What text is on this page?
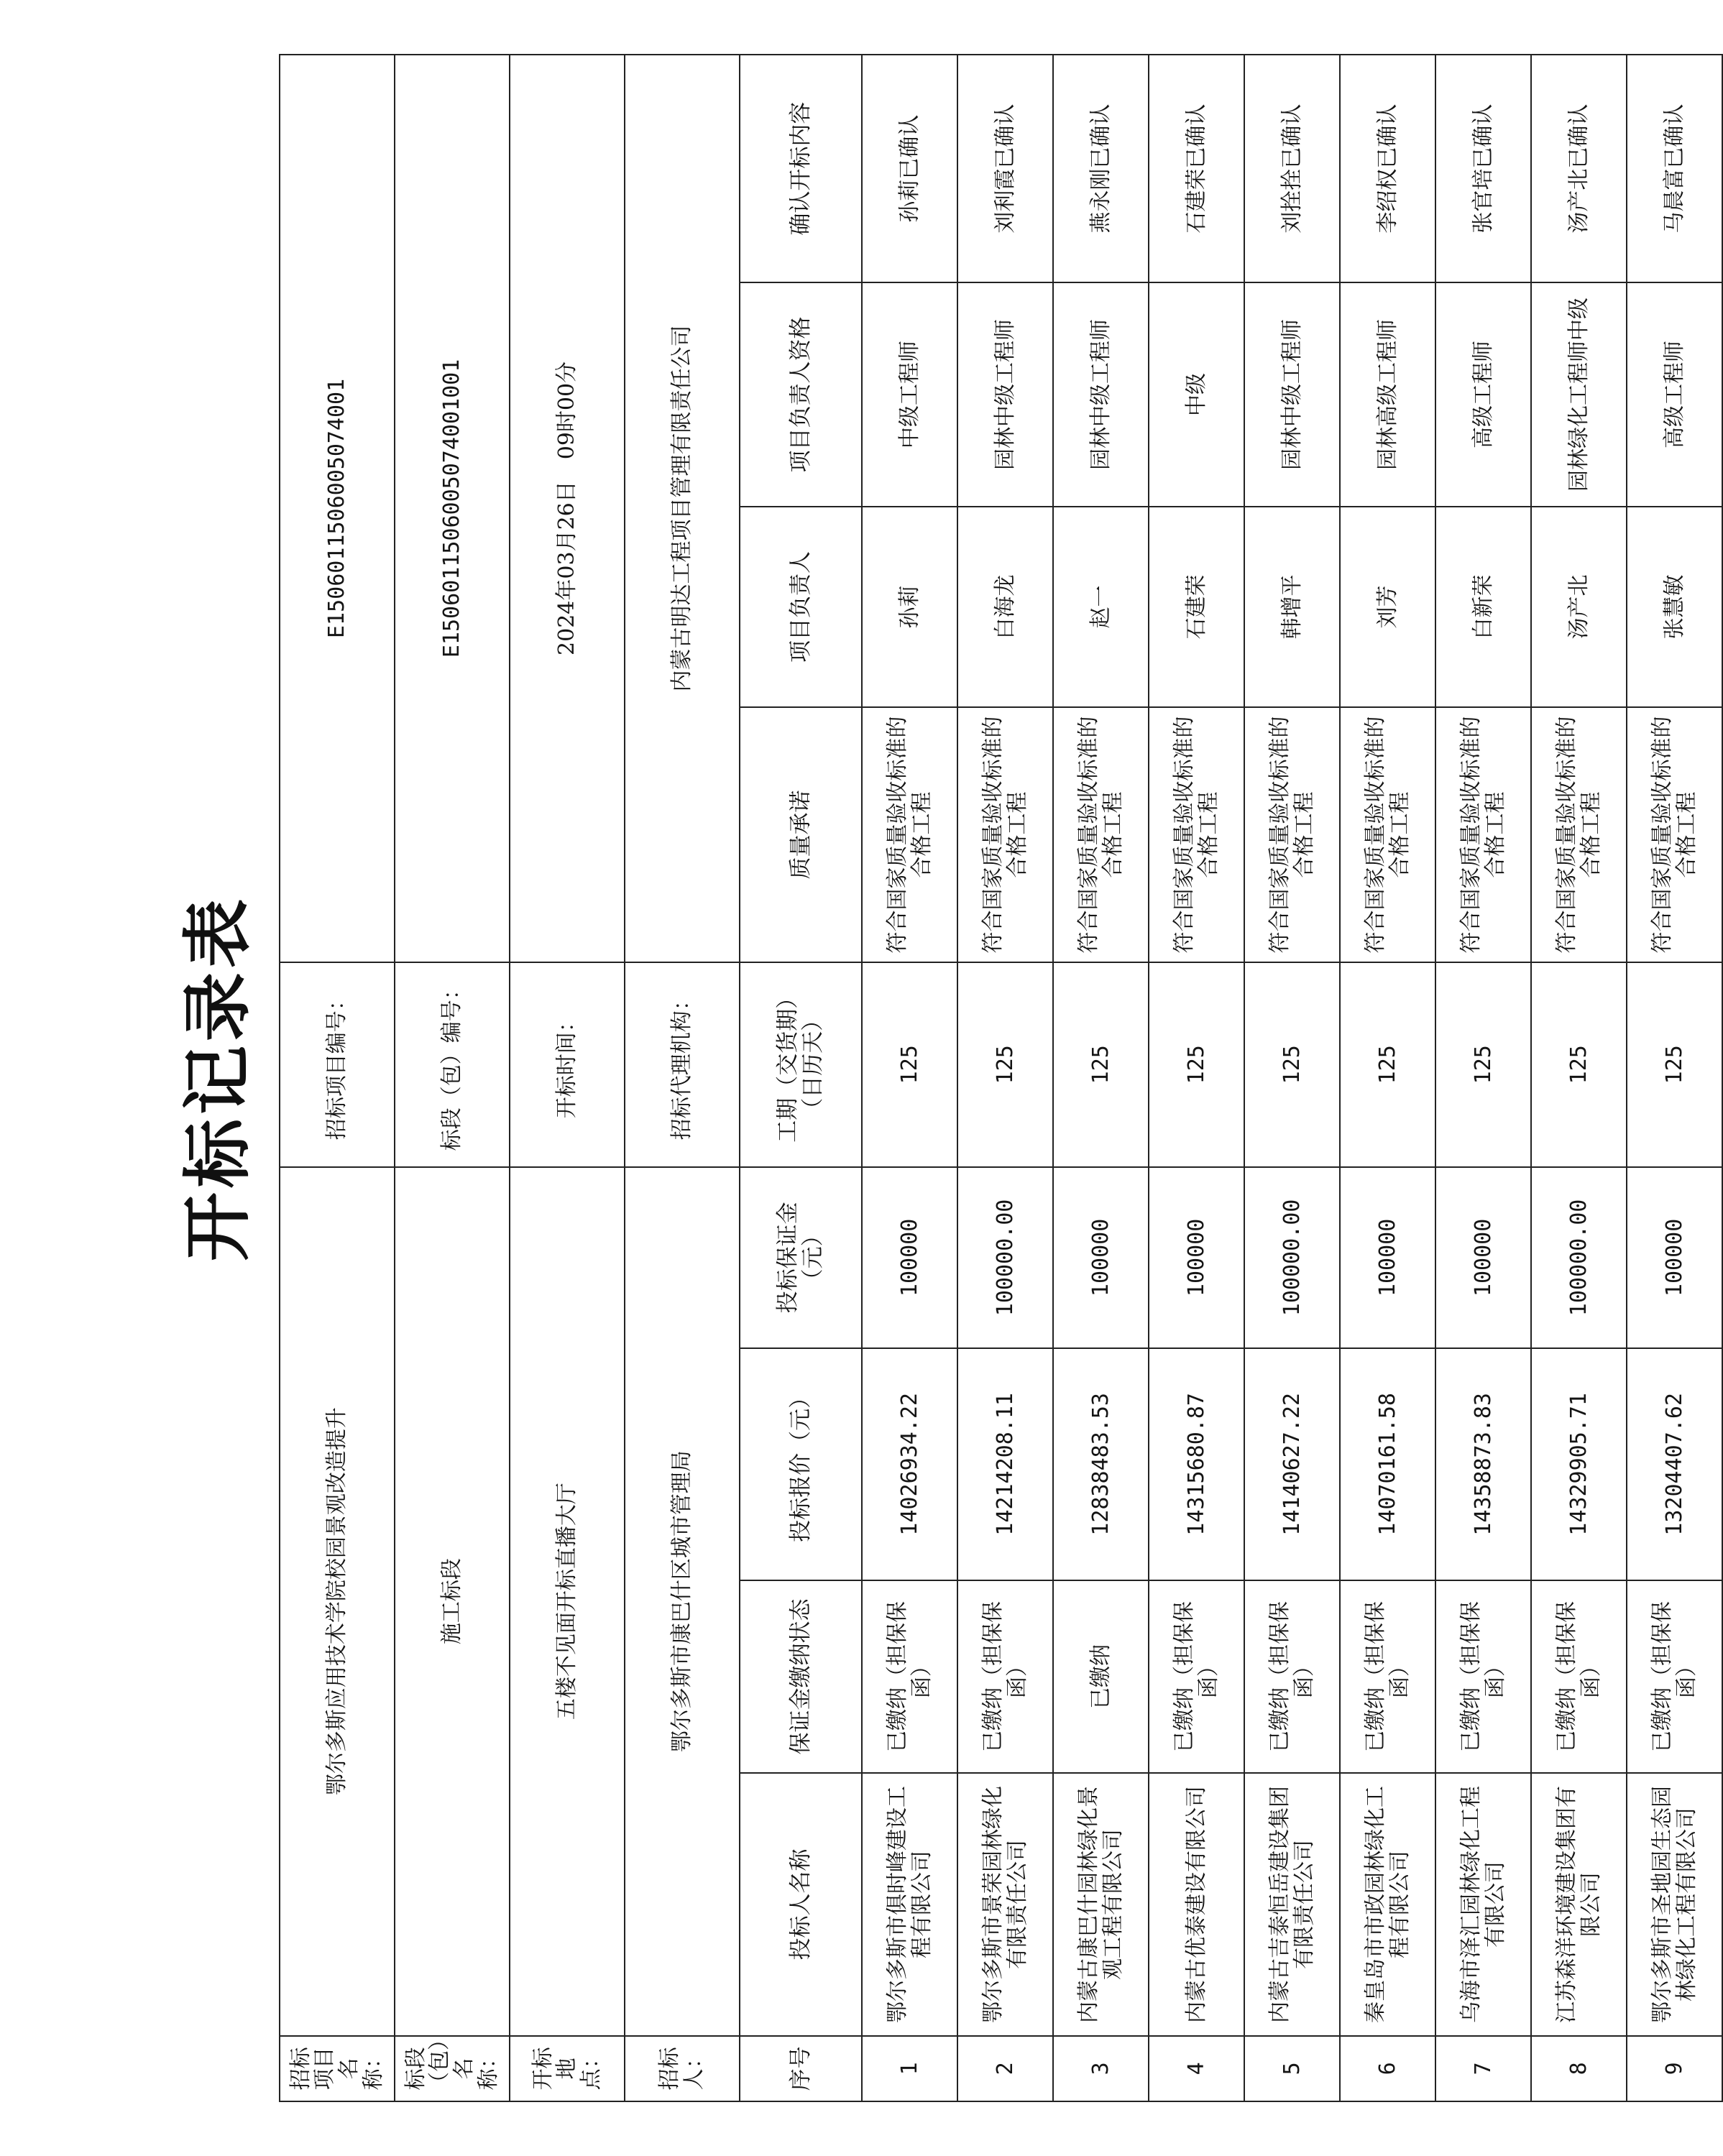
开标记录表
招标项目名称：	鄂尔多斯应用技术学院校园景观改造提升				招标项目编号：	E1506011506005074001			
标段（包）名称：	施工标段				标段（包）编号：	E1506011506005074001001			
开标地点：	五楼不见面开标直播大厅				开标时间：	2024年03月26日　09时00分			
招标人：	鄂尔多斯市康巴什区城市管理局				招标代理机构：	内蒙古明达工程项目管理有限责任公司			
序号	投标人名称	保证金缴纳状态	投标报价（元）	投标保证金（元）	工期（交货期）（日历天）	质量承诺	项目负责人	项目负责人资格	确认开标内容
1	鄂尔多斯市俱时峰建设工程有限公司	已缴纳（担保保函）	14026934.22	100000	125	符合国家质量验收标准的合格工程	孙莉	中级工程师	孙莉已确认
2	鄂尔多斯市景荣园林绿化有限责任公司	已缴纳（担保保函）	14214208.11	100000.00	125	符合国家质量验收标准的合格工程	白海龙	园林中级工程师	刘利霞已确认
3	内蒙古康巴什园林绿化景观工程有限公司	已缴纳	12838483.53	100000	125	符合国家质量验收标准的合格工程	赵一	园林中级工程师	燕永刚已确认
4	内蒙古优泰建设有限公司	已缴纳（担保保函）	14315680.87	100000	125	符合国家质量验收标准的合格工程	石建荣	中级	石建荣已确认
5	内蒙古吉泰恒岳建设集团有限责任公司	已缴纳（担保保函）	14140627.22	100000.00	125	符合国家质量验收标准的合格工程	韩增平	园林中级工程师	刘拴拴已确认
6	秦皇岛市市政园林绿化工程有限公司	已缴纳（担保保函）	14070161.58	100000	125	符合国家质量验收标准的合格工程	刘芳	园林高级工程师	李绍权已确认
7	乌海市泽汇园林绿化工程有限公司	已缴纳（担保保函）	14358873.83	100000	125	符合国家质量验收标准的合格工程	白新荣	高级工程师	张官培已确认
8	江苏森洋环境建设集团有限公司	已缴纳（担保保函）	14329905.71	100000.00	125	符合国家质量验收标准的合格工程	汤产北	园林绿化工程师中级	汤产北已确认
9	鄂尔多斯市圣地园生态园林绿化工程有限公司	已缴纳（担保保函）	13204407.62	100000	125	符合国家质量验收标准的合格工程	张慧敏	高级工程师	马晨富已确认
